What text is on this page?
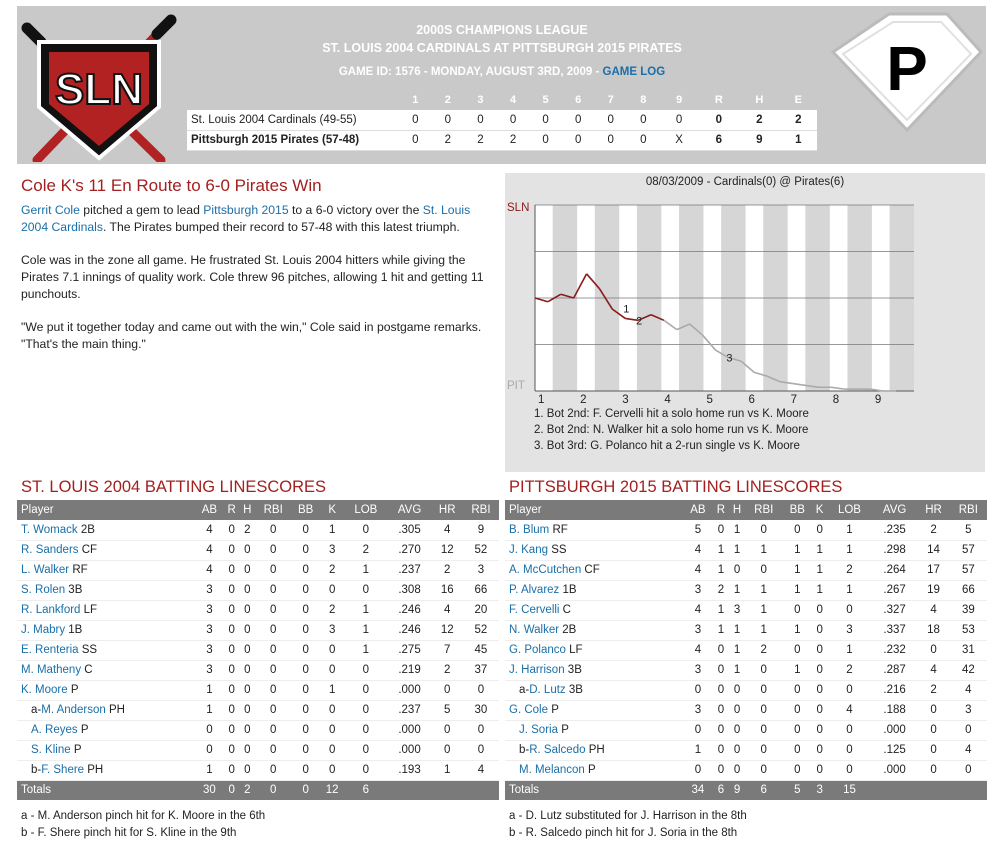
SLN	P
2000S CHAMPIONS LEAGUE
ST. LOUIS 2004 CARDINALS AT PITTSBURGH 2015 PIRATES
GAME ID: 1576 - MONDAY, AUGUST 3RD, 2009 - GAME LOG
	1	2	3	4	5	6	7	8	9	R	H	E
St. Louis 2004 Cardinals (49-55)	0	0	0	0	0	0	0	0	0	0	2	2
Pittsburgh 2015 Pirates (57-48)	0	2	2	2	0	0	0	0	X	6	9	1
Cole K's 11 En Route to 6-0 Pirates Win

Gerrit Cole pitched a gem to lead Pittsburgh 2015 to a 6-0 victory over the St. Louis 2004 Cardinals. The Pirates bumped their record to 57-48 with this latest triumph.

Cole was in the zone all game. He frustrated St. Louis 2004 hitters while giving the Pirates 7.1 innings of quality work. Cole threw 96 pitches, allowing 1 hit and getting 11 punchouts.

"We put it together today and came out with the win," Cole said in postgame remarks. "That's the main thing."

08/03/2009 - Cardinals(0) @ Pirates(6)
SLN
PIT
1	2	3	4	5	6	7	8	9
1
2
3
1. Bot 2nd: F. Cervelli hit a solo home run vs K. Moore
2. Bot 2nd: N. Walker hit a solo home run vs K. Moore
3. Bot 3rd: G. Polanco hit a 2-run single vs K. Moore
ST. LOUIS 2004 BATTING LINESCORES
Player	AB	R	H	RBI	BB	K	LOB	AVG	HR	RBI
T. Womack 2B	4	0	2	0	0	1	0	.305	4	9
R. Sanders CF	4	0	0	0	0	3	2	.270	12	52
L. Walker RF	4	0	0	0	0	2	1	.237	2	3
S. Rolen 3B	3	0	0	0	0	0	0	.308	16	66
R. Lankford LF	3	0	0	0	0	2	1	.246	4	20
J. Mabry 1B	3	0	0	0	0	3	1	.246	12	52
E. Renteria SS	3	0	0	0	0	0	1	.275	7	45
M. Matheny C	3	0	0	0	0	0	0	.219	2	37
K. Moore P	1	0	0	0	0	1	0	.000	0	0
a-M. Anderson PH	1	0	0	0	0	0	0	.237	5	30
A. Reyes P	0	0	0	0	0	0	0	.000	0	0
S. Kline P	0	0	0	0	0	0	0	.000	0	0
b-F. Shere PH	1	0	0	0	0	0	0	.193	1	4
Totals	30	0	2	0	0	12	6			
a - M. Anderson pinch hit for K. Moore in the 6th
b - F. Shere pinch hit for S. Kline in the 9th
PITTSBURGH 2015 BATTING LINESCORES
Player	AB	R	H	RBI	BB	K	LOB	AVG	HR	RBI
B. Blum RF	5	0	1	0	0	0	1	.235	2	5
J. Kang SS	4	1	1	1	1	1	1	.298	14	57
A. McCutchen CF	4	1	0	0	1	1	2	.264	17	57
P. Alvarez 1B	3	2	1	1	1	1	1	.267	19	66
F. Cervelli C	4	1	3	1	0	0	0	.327	4	39
N. Walker 2B	3	1	1	1	1	0	3	.337	18	53
G. Polanco LF	4	0	1	2	0	0	1	.232	0	31
J. Harrison 3B	3	0	1	0	1	0	2	.287	4	42
a-D. Lutz 3B	0	0	0	0	0	0	0	.216	2	4
G. Cole P	3	0	0	0	0	0	4	.188	0	3
J. Soria P	0	0	0	0	0	0	0	.000	0	0
b-R. Salcedo PH	1	0	0	0	0	0	0	.125	0	4
M. Melancon P	0	0	0	0	0	0	0	.000	0	0
Totals	34	6	9	6	5	3	15			
a - D. Lutz substituted for J. Harrison in the 8th
b - R. Salcedo pinch hit for J. Soria in the 8th
